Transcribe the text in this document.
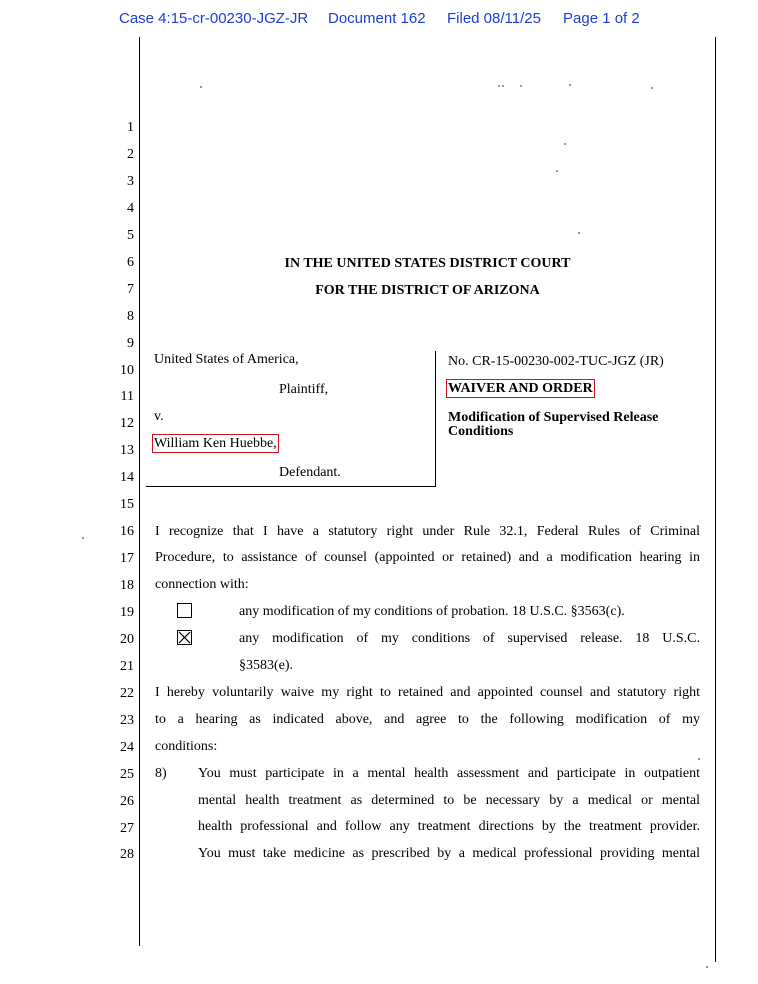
Case 4:15-cr-00230-JGZ-JR Document 162 Filed 08/11/25 Page 1 of 2
1
2
3
4
5
6
7
8
9
10
11
12
13
14
15
16
17
18
19
20
21
22
23
24
25
26
27
28
IN THE UNITED STATES DISTRICT COURT
FOR THE DISTRICT OF ARIZONA
United States of America,
Plaintiff,
v.
William Ken Huebbe,
Defendant.
No. CR-15-00230-002-TUC-JGZ (JR)
WAIVER AND ORDER
Modification of Supervised Release
Conditions
I recognize that I have a statutory right under Rule 32.1, Federal Rules of Criminal
Procedure, to assistance of counsel (appointed or retained) and a modification hearing in
connection with:
any modification of my conditions of probation. 18 U.S.C. §3563(c).
any modification of my conditions of supervised release. 18 U.S.C.
§3583(e).
I hereby voluntarily waive my right to retained and appointed counsel and statutory right
to a hearing as indicated above, and agree to the following modification of my
conditions:
8) You must participate in a mental health assessment and participate in outpatient
mental health treatment as determined to be necessary by a medical or mental
health professional and follow any treatment directions by the treatment provider.
You must take medicine as prescribed by a medical professional providing mental
